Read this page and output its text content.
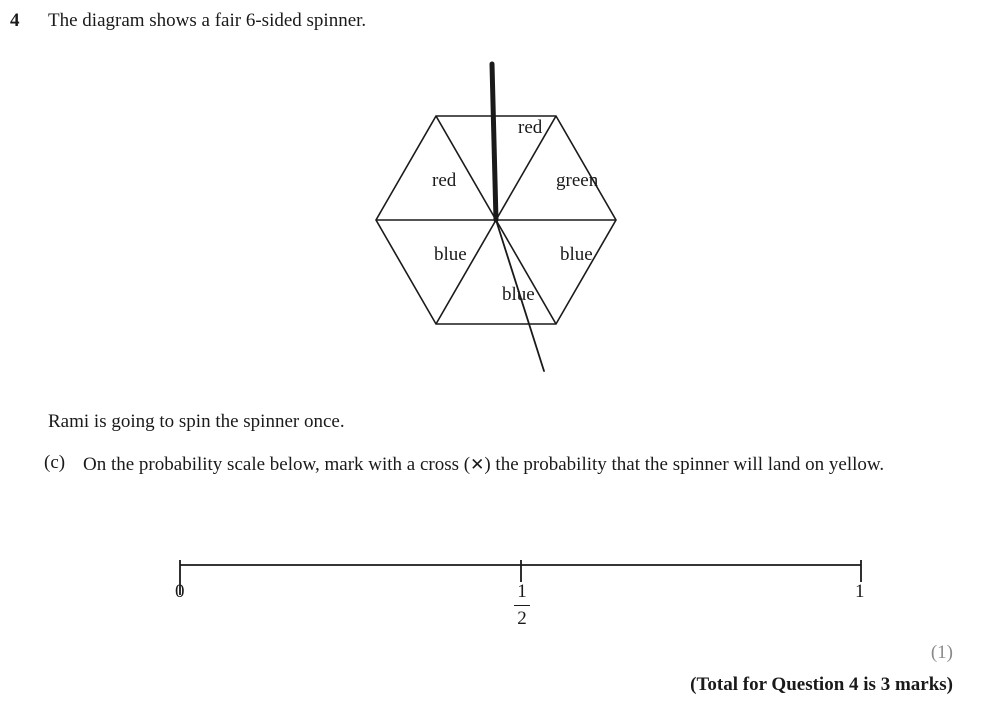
4 The diagram shows a fair 6-sided spinner.
red
red	green
blue	blue
blue
Rami is going to spin the spinner once.
(c) On the probability scale below, mark with a cross (✕) the probability that the spinner will land on yellow.
0	1
2
1
(1)
(Total for Question 4 is 3 marks)
